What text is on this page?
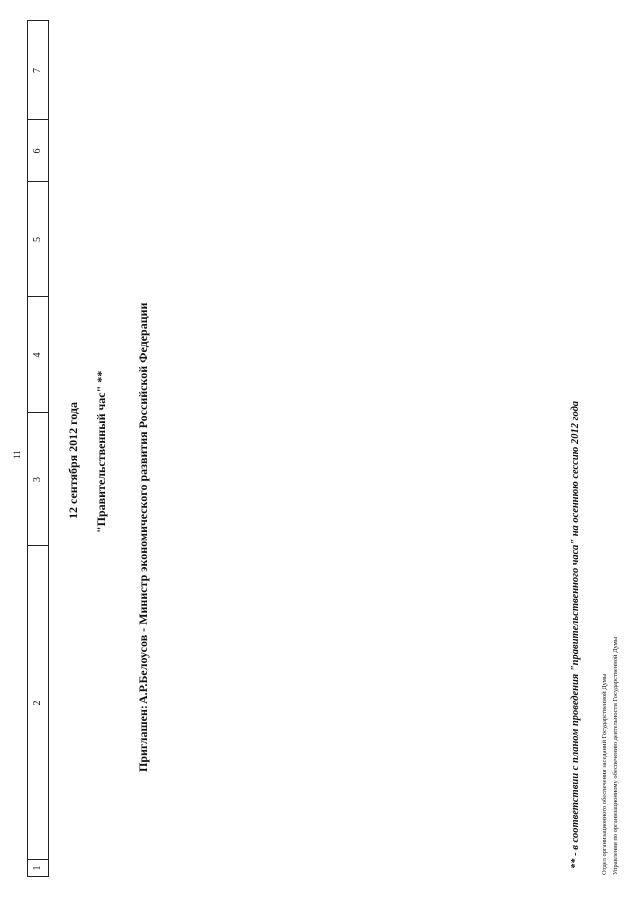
11
1
2
3
4
5
6
7
12 сентября 2012 года "Правительственный час" **
Приглашен:
А.Р.Белоусов - Министр экономического развития Российской Федерации	** - в соответствии с планом проведения "правительственного часа" на осеннюю сессию 2012 года	Отдел организационного обеспечения заседаний Государственной Думы Управления по организационному обеспечению деятельности Государственной Думы
